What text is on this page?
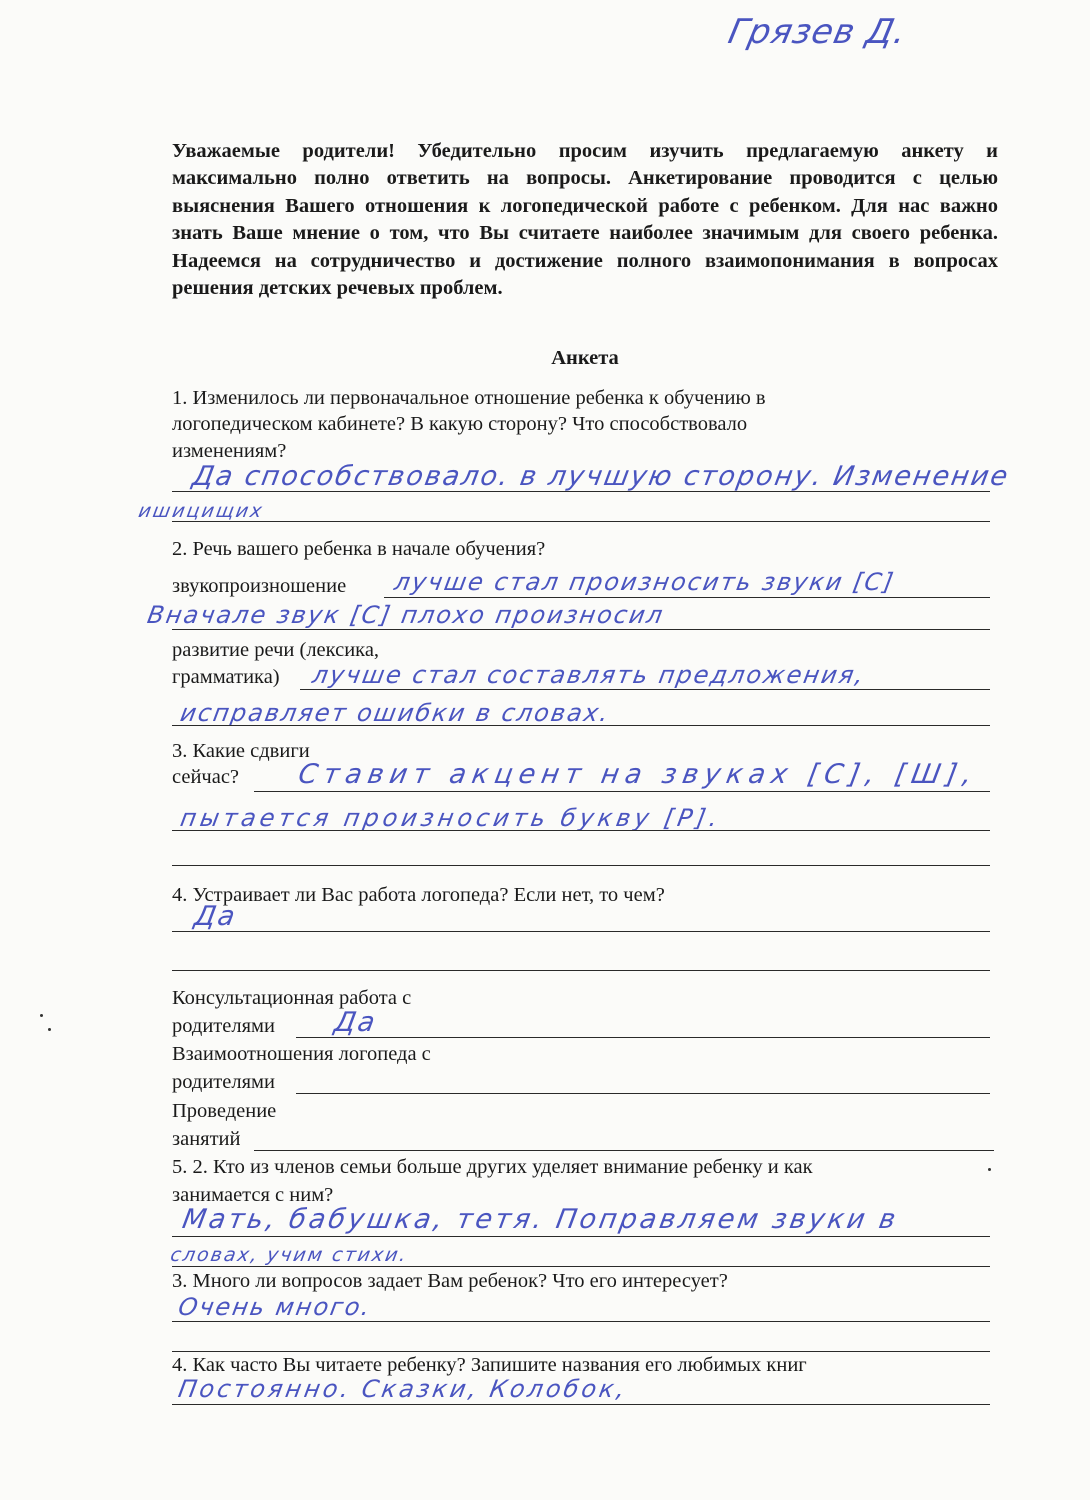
Грязев Д.
Уважаемые родители! Убедительно просим изучить предлагаемую анкету и максимально полно ответить на вопросы. Анкетирование проводится с целью выяснения Вашего отношения к логопедической работе с ребенком. Для нас важно знать Ваше мнение о том, что Вы считаете наиболее значимым для своего ребенка. Надеемся на сотрудничество и достижение полного взаимопонимания в вопросах решения детских речевых проблем.
Анкета
1. Изменилось ли первоначальное отношение ребенка к обучению в
логопедическом кабинете? В какую сторону? Что способствовало
изменениям?
Да способствовало. в лучшую сторону. Изменение
ишицищих
2. Речь вашего ребенка в начале обучения?
звукопроизношение лучше стал произносить звуки [С]
Вначале звук [С] плохо произносил
развитие речи (лексика,
грамматика) лучше стал составлять предложения,
исправляет ошибки в словах.
3. Какие сдвиги
сейчас? Ставит акцент на звуках [С], [Ш],
пытается произносить букву [Р].
4. Устраивает ли Вас работа логопеда? Если нет, то чем?
Да
Консультационная работа с
родителями Да
Взаимоотношения логопеда с
родителями
Проведение
занятий
5. 2. Кто из членов семьи больше других уделяет внимание ребенку и как
занимается с ним?
Мать, бабушка, тетя. Поправляем звуки в
словах, учим стихи.
3. Много ли вопросов задает Вам ребенок? Что его интересует?
Очень много.
4. Как часто Вы читаете ребенку? Запишите названия его любимых книг
Постоянно. Сказки, Колобок,
